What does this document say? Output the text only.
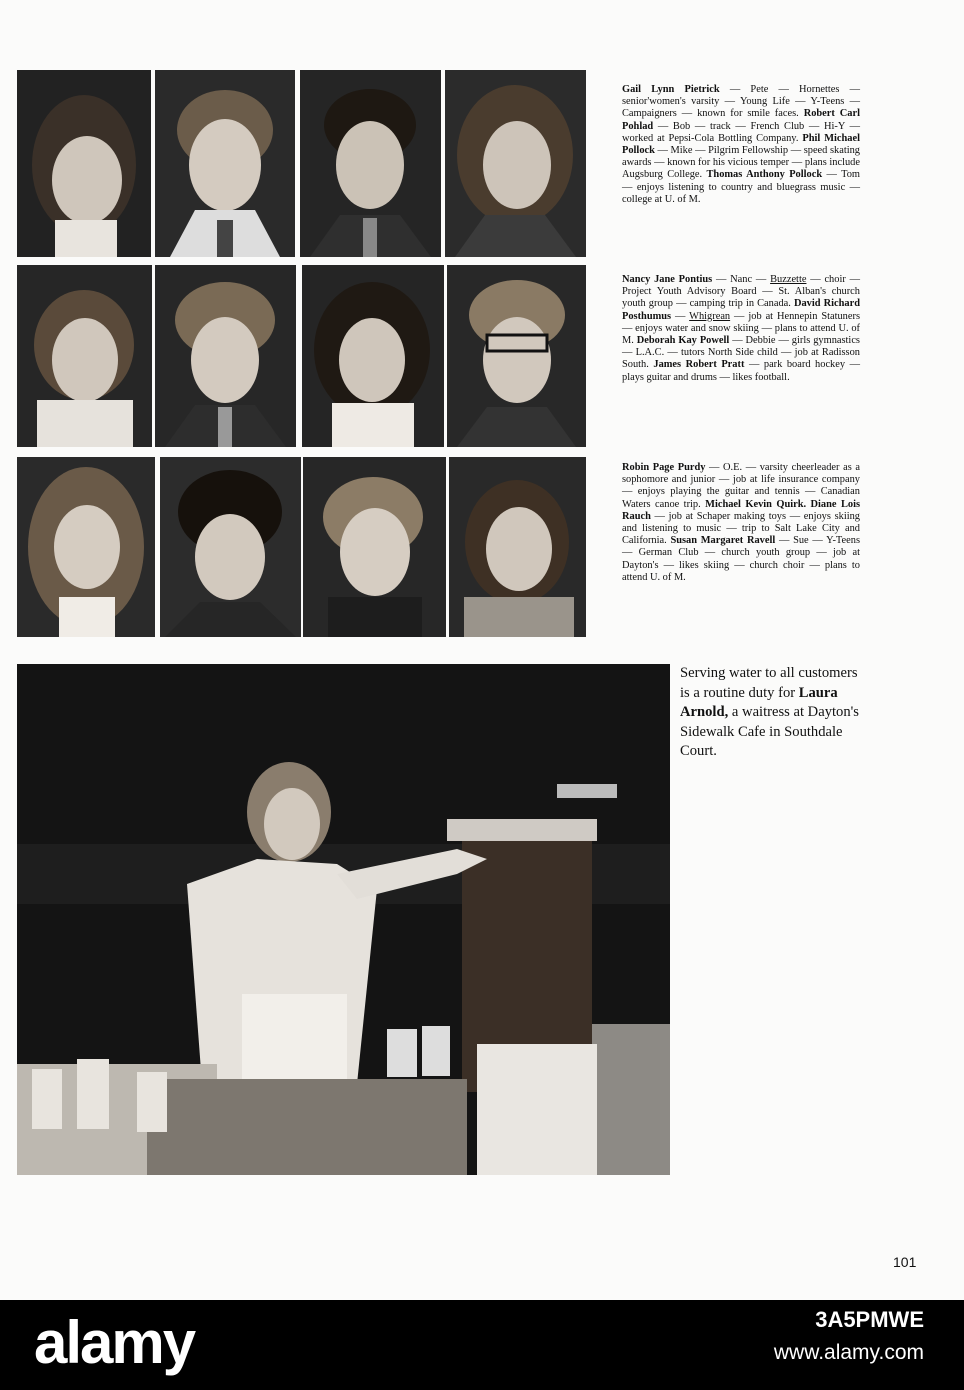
Gail Lynn Pietrick — Pete — Hornettes — senior'women's varsity — Young Life — Y-Teens — Campaigners — known for smile faces. Robert Carl Pohlad — Bob — track — French Club — Hi-Y — worked at Pepsi-Cola Bottling Company. Phil Michael Pollock — Mike — Pilgrim Fellowship — speed skating awards — known for his vicious temper — plans include Augsburg College. Thomas Anthony Pollock — Tom — enjoys listening to country and bluegrass music — college at U. of M.
Nancy Jane Pontius — Nanc — Buzzette — choir — Project Youth Advisory Board — St. Alban's church youth group — camping trip in Canada. David Richard Posthumus — Whigrean — job at Hennepin Statuners — enjoys water and snow skiing — plans to attend U. of M. Deborah Kay Powell — Debbie — girls gymnastics — L.A.C. — tutors North Side child — job at Radisson South. James Robert Pratt — park board hockey — plays guitar and drums — likes football.
Robin Page Purdy — O.E. — varsity cheerleader as a sophomore and junior — job at life insurance company — enjoys playing the guitar and tennis — Canadian Waters canoe trip. Michael Kevin Quirk. Diane Lois Rauch — job at Schaper making toys — enjoys skiing and listening to music — trip to Salt Lake City and California. Susan Margaret Ravell — Sue — Y-Teens — German Club — church youth group — job at Dayton's — likes skiing — church choir — plans to attend U. of M.
Serving water to all customers is a routine duty for Laura Arnold, a waitress at Dayton's Sidewalk Cafe in Southdale Court.
101
alamy	3A5PMWE
www.alamy.com
